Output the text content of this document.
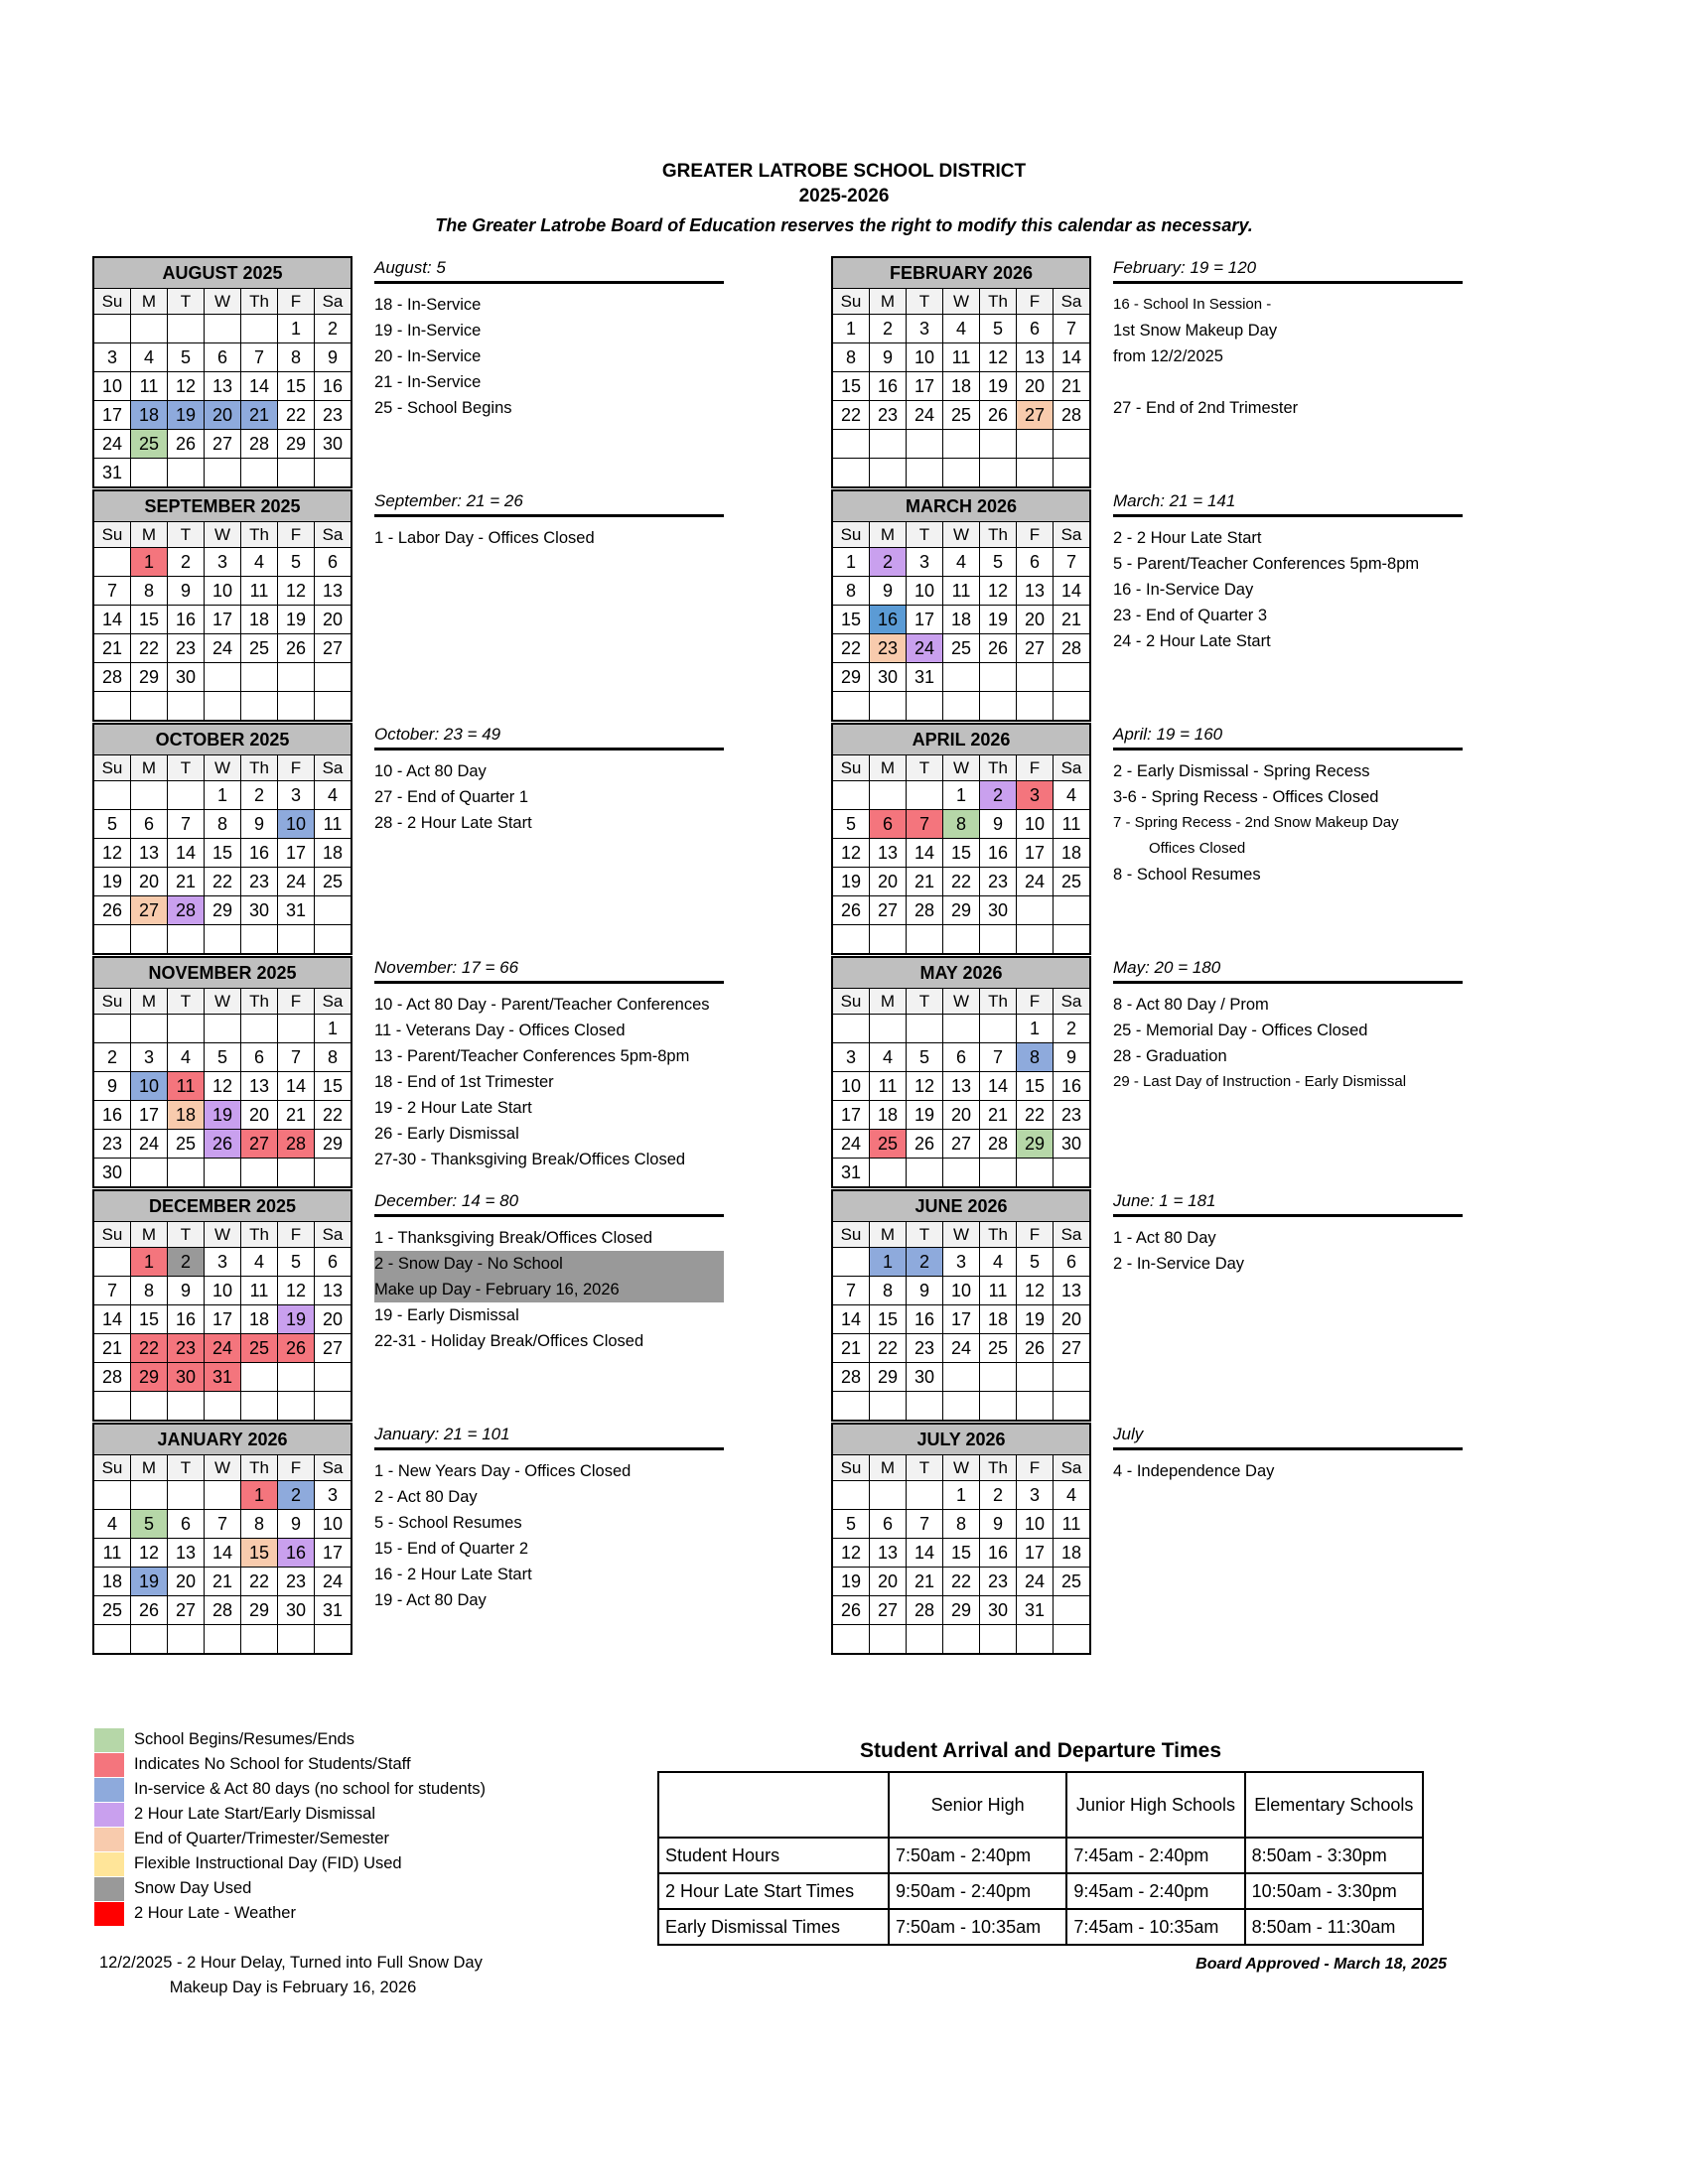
GREATER LATROBE SCHOOL DISTRICT
2025-2026
The Greater Latrobe Board of Education reserves the right to modify this calendar as necessary.
AUGUST 2025						
Su	M	T	W	Th	F	Sa
					1	2
3	4	5	6	7	8	9
10	11	12	13	14	15	16
17	18	19	20	21	22	23
24	25	26	27	28	29	30
31						
August: 5
18 - In-Service
19 - In-Service
20 - In-Service
21 - In-Service
25 - School Begins
SEPTEMBER 2025						
Su	M	T	W	Th	F	Sa
	1	2	3	4	5	6
7	8	9	10	11	12	13
14	15	16	17	18	19	20
21	22	23	24	25	26	27
28	29	30				

September: 21 = 26
1 - Labor Day - Offices Closed
OCTOBER 2025						
Su	M	T	W	Th	F	Sa
			1	2	3	4
5	6	7	8	9	10	11
12	13	14	15	16	17	18
19	20	21	22	23	24	25
26	27	28	29	30	31	

October: 23 = 49
10 - Act 80 Day
27 - End of Quarter 1
28 - 2 Hour Late Start
NOVEMBER 2025						
Su	M	T	W	Th	F	Sa
						1
2	3	4	5	6	7	8
9	10	11	12	13	14	15
16	17	18	19	20	21	22
23	24	25	26	27	28	29
30						
November: 17 = 66
10 - Act 80 Day - Parent/Teacher Conferences
11 - Veterans Day - Offices Closed
13 - Parent/Teacher Conferences 5pm-8pm
18 - End of 1st Trimester
19 - 2 Hour Late Start
26 - Early Dismissal
27-30 - Thanksgiving Break/Offices Closed
DECEMBER 2025						
Su	M	T	W	Th	F	Sa
	1	2	3	4	5	6
7	8	9	10	11	12	13
14	15	16	17	18	19	20
21	22	23	24	25	26	27
28	29	30	31			

December: 14 = 80
1 - Thanksgiving Break/Offices Closed
2 - Snow Day - No School
Make up Day - February 16, 2026
19 - Early Dismissal
22-31 - Holiday Break/Offices Closed
JANUARY 2026						
Su	M	T	W	Th	F	Sa
				1	2	3
4	5	6	7	8	9	10
11	12	13	14	15	16	17
18	19	20	21	22	23	24
25	26	27	28	29	30	31

January: 21 = 101
1 - New Years Day - Offices Closed
2 - Act 80 Day
5 - School Resumes
15 - End of Quarter 2
16 - 2 Hour Late Start
19 - Act 80 Day
FEBRUARY 2026						
Su	M	T	W	Th	F	Sa
1	2	3	4	5	6	7
8	9	10	11	12	13	14
15	16	17	18	19	20	21
22	23	24	25	26	27	28

February: 19 = 120
16 - School In Session -
1st Snow Makeup Day
from 12/2/2025
27 - End of 2nd Trimester
MARCH 2026						
Su	M	T	W	Th	F	Sa
1	2	3	4	5	6	7
8	9	10	11	12	13	14
15	16	17	18	19	20	21
22	23	24	25	26	27	28
29	30	31				

March: 21 = 141
2 - 2 Hour Late Start
5 - Parent/Teacher Conferences 5pm-8pm
16 - In-Service Day
23 - End of Quarter 3
24 - 2 Hour Late Start
APRIL 2026						
Su	M	T	W	Th	F	Sa
			1	2	3	4
5	6	7	8	9	10	11
12	13	14	15	16	17	18
19	20	21	22	23	24	25
26	27	28	29	30		

April: 19 = 160
2 - Early Dismissal - Spring Recess
3-6 - Spring Recess - Offices Closed
7 - Spring Recess - 2nd Snow Makeup Day
Offices Closed
8 - School Resumes
MAY 2026						
Su	M	T	W	Th	F	Sa
					1	2
3	4	5	6	7	8	9
10	11	12	13	14	15	16
17	18	19	20	21	22	23
24	25	26	27	28	29	30
31						
May: 20 = 180
8 - Act 80 Day / Prom
25 - Memorial Day - Offices Closed
28 - Graduation
29 - Last Day of Instruction - Early Dismissal
JUNE 2026						
Su	M	T	W	Th	F	Sa
	1	2	3	4	5	6
7	8	9	10	11	12	13
14	15	16	17	18	19	20
21	22	23	24	25	26	27
28	29	30				

June: 1 = 181
1 - Act 80 Day
2 - In-Service Day
JULY 2026						
Su	M	T	W	Th	F	Sa
			1	2	3	4
5	6	7	8	9	10	11
12	13	14	15	16	17	18
19	20	21	22	23	24	25
26	27	28	29	30	31	

July
4 - Independence Day
School Begins/Resumes/Ends
Indicates No School for Students/Staff
In-service & Act 80 days (no school for students)
2 Hour Late Start/Early Dismissal
End of Quarter/Trimester/Semester
Flexible Instructional Day (FID) Used
Snow Day Used
2 Hour Late - Weather
Student Arrival and Departure Times
	Senior High	Junior High Schools	Elementary Schools
Student Hours	7:50am - 2:40pm	7:45am - 2:40pm	8:50am - 3:30pm
2 Hour Late Start Times	9:50am - 2:40pm	9:45am - 2:40pm	10:50am - 3:30pm
Early Dismissal Times	7:50am - 10:35am	7:45am - 10:35am	8:50am - 11:30am
12/2/2025 - 2 Hour Delay, Turned into Full Snow Day
Makeup Day is February 16, 2026
Board Approved - March 18, 2025
